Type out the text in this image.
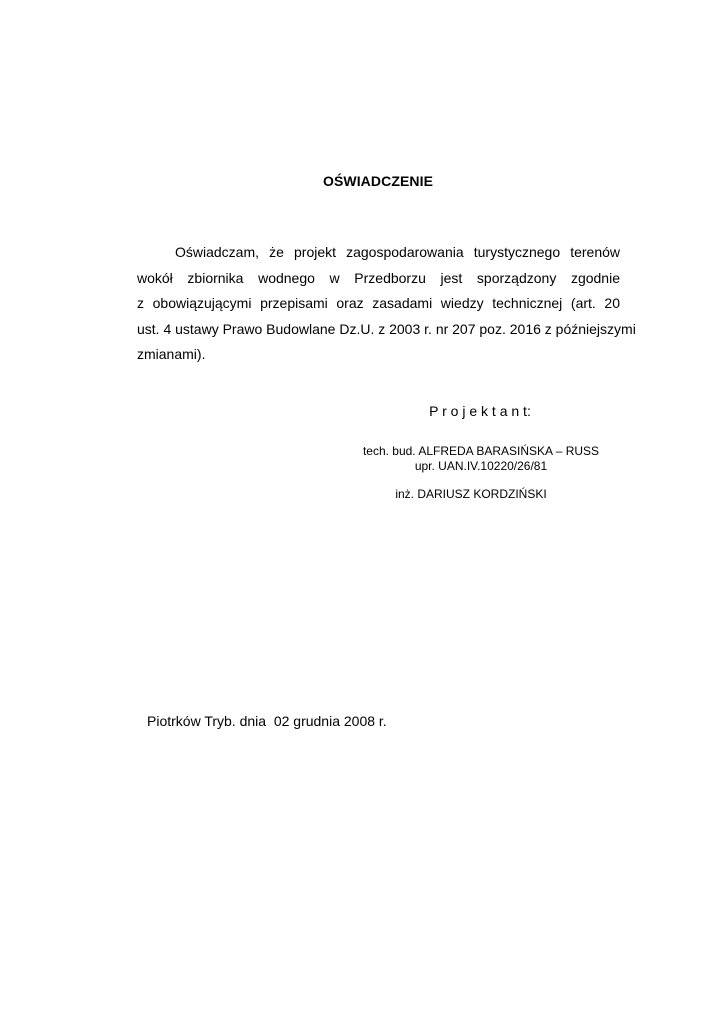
OŚWIADCZENIE
Oświadczam, że projekt zagospodarowania turystycznego terenów
wokół zbiornika wodnego w Przedborzu jest sporządzony zgodnie
z obowiązującymi przepisami oraz zasadami wiedzy technicznej (art. 20
ust. 4 ustawy Prawo Budowlane Dz.U. z 2003 r. nr 207 poz. 2016 z późniejszymi
zmianami).
P r o j e k t a n t:
tech. bud. ALFREDA BARASIŃSKA – RUSS
upr. UAN.IV.10220/26/81
inż. DARIUSZ KORDZIŃSKI
Piotrków Tryb. dnia  02 grudnia 2008 r.
